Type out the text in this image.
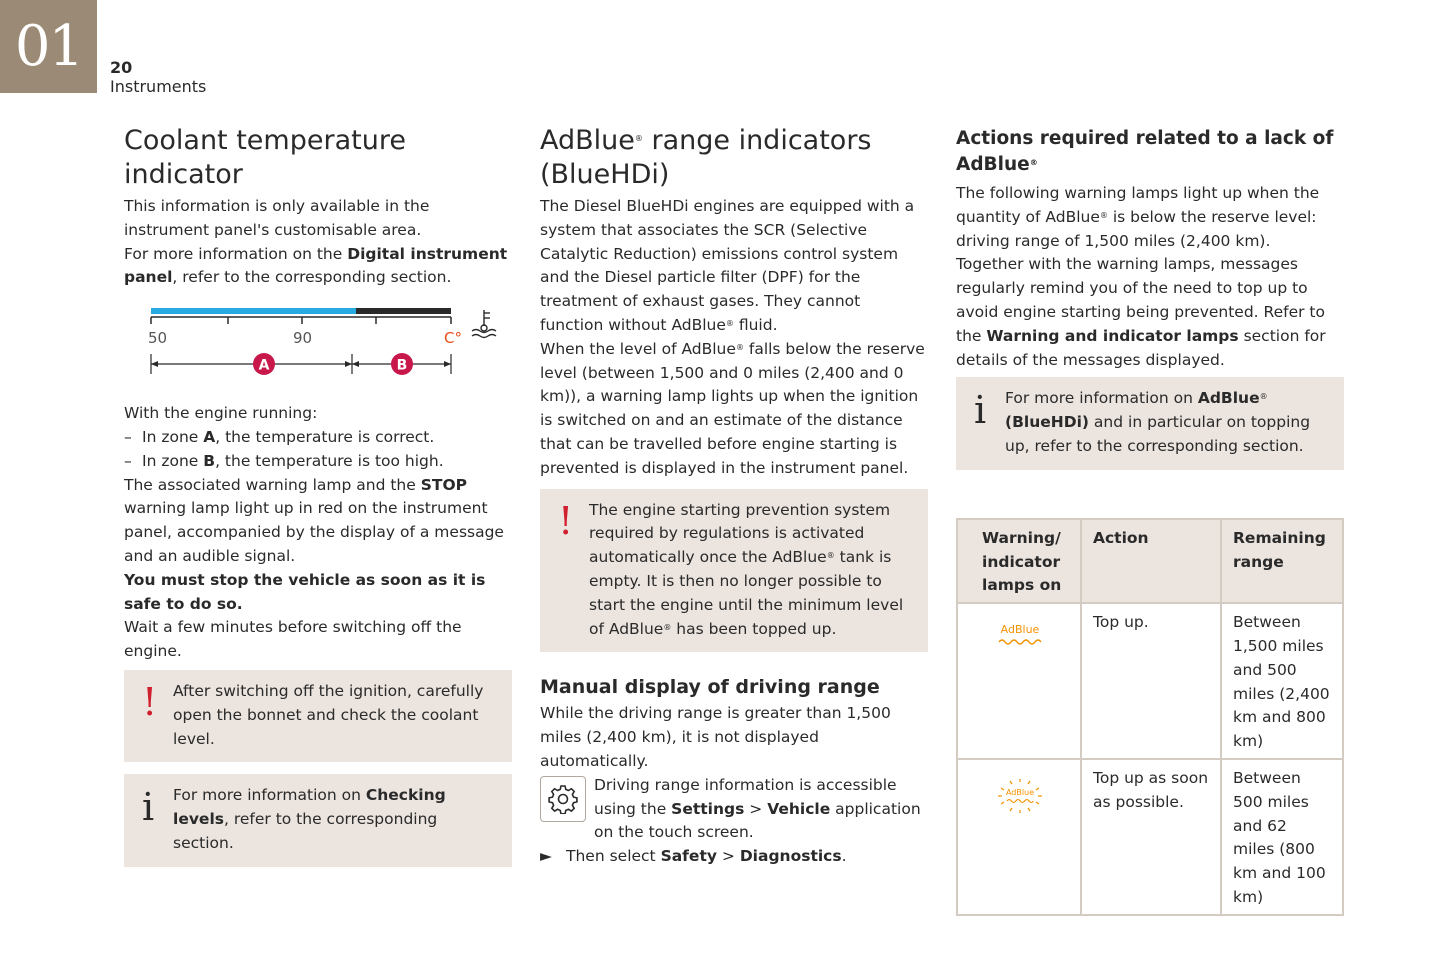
01	20
Instruments
Coolant temperature indicator

This information is only available in the instrument panel's customisable area.

For more information on the Digital instrument panel, refer to the corresponding section.

50	90	C°
A	B

With the engine running:

– In zone A, the temperature is correct.
– In zone B, the temperature is too high.

The associated warning lamp and the STOP warning lamp light up in red on the instrument panel, accompanied by the display of a message and an audible signal.

You must stop the vehicle as soon as it is safe to do so.

Wait a few minutes before switching off the engine.

!	After switching off the ignition, carefully open the bonnet and check the coolant level.

i	For more information on Checking levels, refer to the corresponding section.

AdBlue® range indicators (BlueHDi)

The Diesel BlueHDi engines are equipped with a system that associates the SCR (Selective Catalytic Reduction) emissions control system and the Diesel particle filter (DPF) for the treatment of exhaust gases. They cannot function without AdBlue® fluid.

When the level of AdBlue® falls below the reserve level (between 1,500 and 0 miles (2,400 and 0 km)), a warning lamp lights up when the ignition is switched on and an estimate of the distance that can be travelled before engine starting is prevented is displayed in the instrument panel.

!	The engine starting prevention system required by regulations is activated automatically once the AdBlue® tank is empty. It is then no longer possible to start the engine until the minimum level of AdBlue® has been topped up.

Manual display of driving range

While the driving range is greater than 1,500 miles (2,400 km), it is not displayed automatically.

Driving range information is accessible using the Settings > Vehicle application on the touch screen.

► Then select Safety > Diagnostics.
Actions required related to a lack of AdBlue®

The following warning lamps light up when the quantity of AdBlue® is below the reserve level: driving range of 1,500 miles (2,400 km).

Together with the warning lamps, messages regularly remind you of the need to top up to avoid engine starting being prevented. Refer to the Warning and indicator lamps section for details of the messages displayed.

i	For more information on AdBlue® (BlueHDi) and in particular on topping up, refer to the corresponding section.

Warning/ indicator lamps on	Action	Remaining range

AdBlue	Top up.	Between 1,500 miles and 500 miles (2,400 km and 800 km)

AdBlue	Top up as soon as possible.	Between 500 miles and 62 miles (800 km and 100 km)
